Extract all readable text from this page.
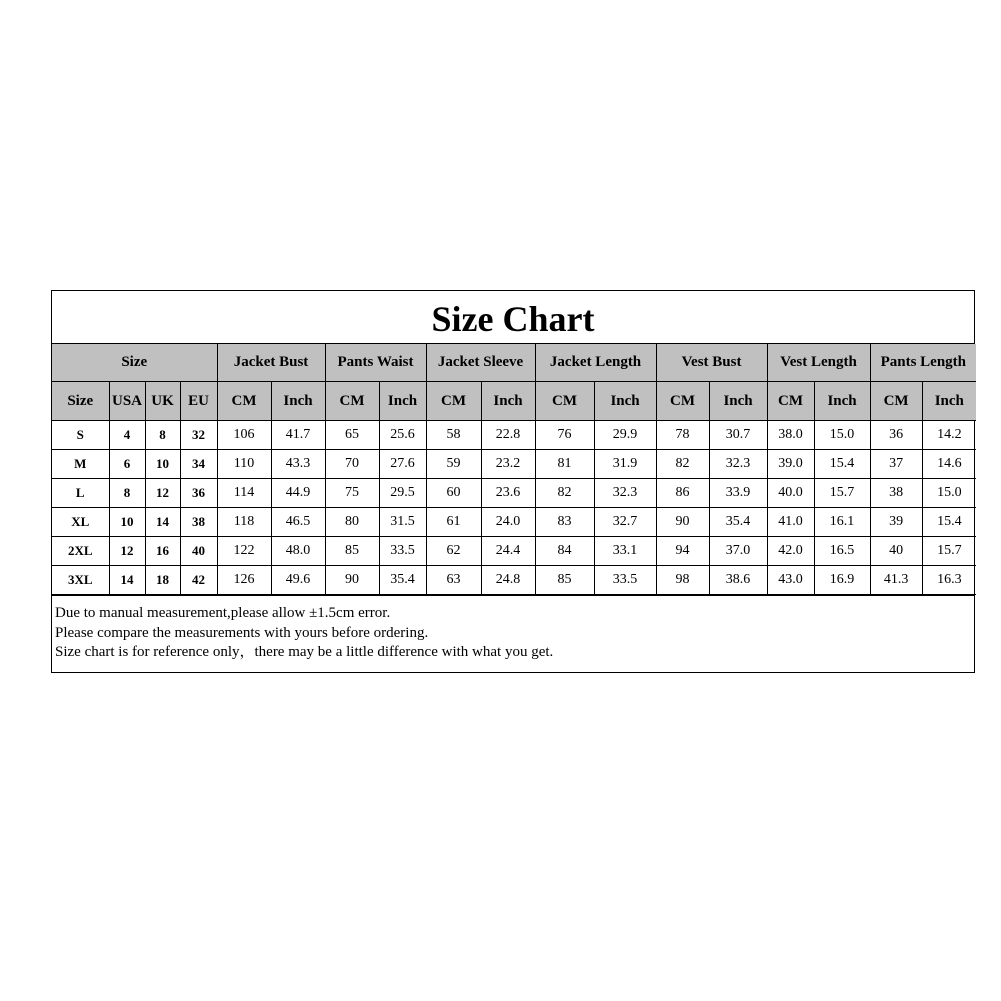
Size Chart
Size				Jacket Bust		Pants Waist		Jacket Sleeve		Jacket Length		Vest Bust		Vest Length		Pants Length	
Size	USA	UK	EU	CM	Inch	CM	Inch	CM	Inch	CM	Inch	CM	Inch	CM	Inch	CM	Inch
S	4	8	32	106	41.7	65	25.6	58	22.8	76	29.9	78	30.7	38.0	15.0	36	14.2
M	6	10	34	110	43.3	70	27.6	59	23.2	81	31.9	82	32.3	39.0	15.4	37	14.6
L	8	12	36	114	44.9	75	29.5	60	23.6	82	32.3	86	33.9	40.0	15.7	38	15.0
XL	10	14	38	118	46.5	80	31.5	61	24.0	83	32.7	90	35.4	41.0	16.1	39	15.4
2XL	12	16	40	122	48.0	85	33.5	62	24.4	84	33.1	94	37.0	42.0	16.5	40	15.7
3XL	14	18	42	126	49.6	90	35.4	63	24.8	85	33.5	98	38.6	43.0	16.9	41.3	16.3
Due to manual measurement,please allow ±1.5cm error.
Please compare the measurements with yours before ordering.
Size chart is for reference only，there may be a little difference with what you get.
